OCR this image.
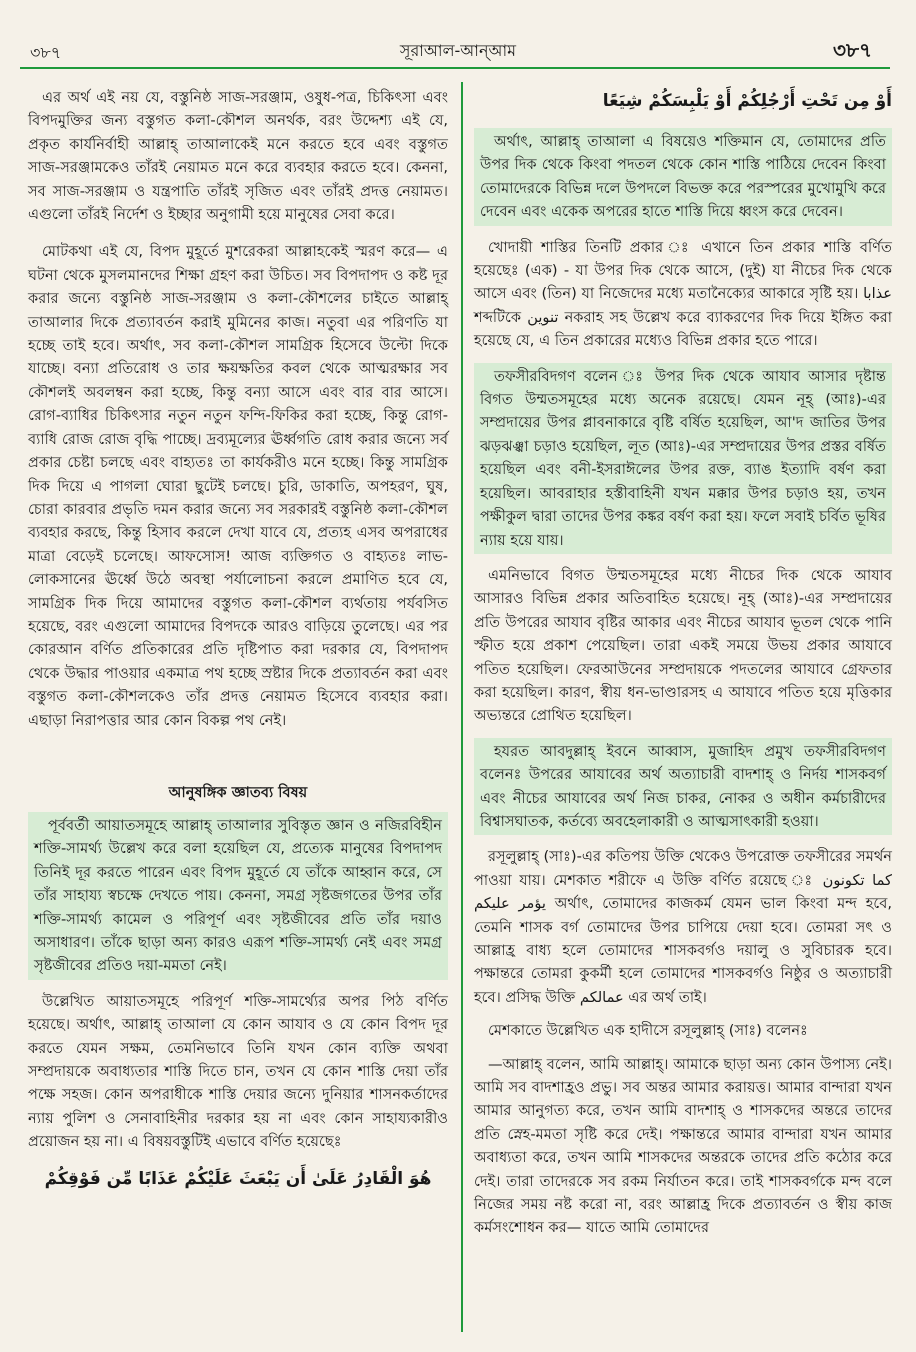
৩৮৭	সূরাআল-আন্আম	৩৮৭

এর অর্থ এই নয় যে, বস্তুনিষ্ঠ সাজ-সরঞ্জাম, ওষুধ-পত্র, চিকিৎসা এবং বিপদমুক্তির জন্য বস্তুগত কলা-কৌশল অনর্থক, বরং উদ্দেশ্য এই যে, প্রকৃত কার্যনির্বাহী আল্লাহ্ তাআলাকেই মনে করতে হবে এবং বস্তুগত সাজ-সরঞ্জামকেও তাঁরই নেয়ামত মনে করে ব্যবহার করতে হবে। কেননা, সব সাজ-সরঞ্জাম ও যন্ত্রপাতি তাঁরই সৃজিত এবং তাঁরই প্রদত্ত নেয়ামত। এগুলো তাঁরই নির্দেশ ও ইচ্ছার অনুগামী হয়ে মানুষের সেবা করে।

মোটকথা এই যে, বিপদ মুহূর্তে মুশরেকরা আল্লাহকেই স্মরণ করে— এ ঘটনা থেকে মুসলমানদের শিক্ষা গ্রহণ করা উচিত। সব বিপদাপদ ও কষ্ট দূর করার জন্যে বস্তুনিষ্ঠ সাজ-সরঞ্জাম ও কলা-কৌশলের চাইতে আল্লাহ্ তাআলার দিকে প্রত্যাবর্তন করাই মুমিনের কাজ। নতুবা এর পরিণতি যা হচ্ছে তাই হবে। অর্থাৎ, সব কলা-কৌশল সামগ্রিক হিসেবে উল্টো দিকে যাচ্ছে। বন্যা প্রতিরোধ ও তার ক্ষয়ক্ষতির কবল থেকে আত্মরক্ষার সব কৌশলই অবলম্বন করা হচ্ছে, কিন্তু বন্যা আসে এবং বার বার আসে। রোগ-ব্যাধির চিকিৎসার নতুন নতুন ফন্দি-ফিকির করা হচ্ছে, কিন্তু রোগ-ব্যাধি রোজ রোজ বৃদ্ধি পাচ্ছে। দ্রব্যমূল্যের ঊর্ধ্বগতি রোধ করার জন্যে সর্ব প্রকার চেষ্টা চলছে এবং বাহ্যতঃ তা কার্যকরীও মনে হচ্ছে। কিন্তু সামগ্রিক দিক দিয়ে এ পাগলা ঘোরা ছুটেই চলছে। চুরি, ডাকাতি, অপহরণ, ঘুষ, চোরা কারবার প্রভৃতি দমন করার জন্যে সব সরকারই বস্তুনিষ্ঠ কলা-কৌশল ব্যবহার করছে, কিন্তু হিসাব করলে দেখা যাবে যে, প্রত্যহ এসব অপরাধের মাত্রা বেড়েই চলেছে। আফসোস! আজ ব্যক্তিগত ও বাহ্যতঃ লাভ-লোকসানের ঊর্ধ্বে উঠে অবস্থা পর্যালোচনা করলে প্রমাণিত হবে যে, সামগ্রিক দিক দিয়ে আমাদের বস্তুগত কলা-কৌশল ব্যর্থতায় পর্যবসিত হয়েছে, বরং এগুলো আমাদের বিপদকে আরও বাড়িয়ে তুলেছে। এর পর কোরআন বর্ণিত প্রতিকারের প্রতি দৃষ্টিপাত করা দরকার যে, বিপদাপদ থেকে উদ্ধার পাওয়ার একমাত্র পথ হচ্ছে স্রষ্টার দিকে প্রত্যাবর্তন করা এবং বস্তুগত কলা-কৌশলকেও তাঁর প্রদত্ত নেয়ামত হিসেবে ব্যবহার করা। এছাড়া নিরাপত্তার আর কোন বিকল্প পথ নেই।

আনুষঙ্গিক জ্ঞাতব্য বিষয়

পূর্ববর্তী আয়াতসমূহে আল্লাহ্ তাআলার সুবিস্তৃত জ্ঞান ও নজিরবিহীন শক্তি-সামর্থ্য উল্লেখ করে বলা হয়েছিল যে, প্রত্যেক মানুষের বিপদাপদ তিনিই দূর করতে পারেন এবং বিপদ মুহূর্তে যে তাঁকে আহ্বান করে, সে তাঁর সাহায্য স্বচক্ষে দেখতে পায়। কেননা, সমগ্র সৃষ্টজগতের উপর তাঁর শক্তি-সামর্থ্য কামেল ও পরিপূর্ণ এবং সৃষ্টজীবের প্রতি তাঁর দয়াও অসাধারণ। তাঁকে ছাড়া অন্য কারও এরূপ শক্তি-সামর্থ্য নেই এবং সমগ্র সৃষ্টজীবের প্রতিও দয়া-মমতা নেই।

উল্লেখিত আয়াতসমূহে পরিপূর্ণ শক্তি-সামর্থ্যের অপর পিঠ বর্ণিত হয়েছে। অর্থাৎ, আল্লাহ্ তাআলা যে কোন আযাব ও যে কোন বিপদ দূর করতে যেমন সক্ষম, তেমনিভাবে তিনি যখন কোন ব্যক্তি অথবা সম্প্রদায়কে অবাধ্যতার শাস্তি দিতে চান, তখন যে কোন শাস্তি দেয়া তাঁর পক্ষে সহজ। কোন অপরাধীকে শাস্তি দেয়ার জন্যে দুনিয়ার শাসনকর্তাদের ন্যায় পুলিশ ও সেনাবাহিনীর দরকার হয় না এবং কোন সাহায্যকারীও প্রয়োজন হয় না। এ বিষয়বস্তুটিই এভাবে বর্ণিত হয়েছেঃ

هُوَ الْقَادِرُ عَلَىٰ أَن يَبْعَثَ عَلَيْكُمْ عَذَابًا مِّن فَوْقِكُمْ
أَوْ مِن تَحْتِ أَرْجُلِكُمْ أَوْ يَلْبِسَكُمْ شِيَعًا

অর্থাৎ, আল্লাহ্ তাআলা এ বিষয়েও শক্তিমান যে, তোমাদের প্রতি উপর দিক থেকে কিংবা পদতল থেকে কোন শাস্তি পাঠিয়ে দেবেন কিংবা তোমাদেরকে বিভিন্ন দলে উপদলে বিভক্ত করে পরস্পরের মুখোমুখি করে দেবেন এবং একেক অপরের হাতে শাস্তি দিয়ে ধ্বংস করে দেবেন।

খোদায়ী শাস্তির তিনটি প্রকার ঃ এখানে তিন প্রকার শাস্তি বর্ণিত হয়েছেঃ (এক) - যা উপর দিক থেকে আসে, (দুই) যা নীচের দিক থেকে আসে এবং (তিন) যা নিজেদের মধ্যে মতানৈক্যের আকারে সৃষ্টি হয়। عذابا শব্দটিকে تنوين নকরাহ সহ উল্লেখ করে ব্যাকরণের দিক দিয়ে ইঙ্গিত করা হয়েছে যে, এ তিন প্রকারের মধ্যেও বিভিন্ন প্রকার হতে পারে।

তফসীরবিদগণ বলেন ঃ উপর দিক থেকে আযাব আসার দৃষ্টান্ত বিগত উম্মতসমূহের মধ্যে অনেক রয়েছে। যেমন নূহ্ (আঃ)-এর সম্প্রদায়ের উপর প্লাবনাকারে বৃষ্টি বর্ষিত হয়েছিল, আ'দ জাতির উপর ঝড়ঝঞ্ঝা চড়াও হয়েছিল, লূত (আঃ)-এর সম্প্রদায়ের উপর প্রস্তর বর্ষিত হয়েছিল এবং বনী-ইসরাঈলের উপর রক্ত, ব্যাঙ ইত্যাদি বর্ষণ করা হয়েছিল। আবরাহার হস্তীবাহিনী যখন মক্কার উপর চড়াও হয়, তখন পক্ষীকুল দ্বারা তাদের উপর কঙ্কর বর্ষণ করা হয়। ফলে সবাই চর্বিত ভূষির ন্যায় হয়ে যায়।

এমনিভাবে বিগত উম্মতসমূহের মধ্যে নীচের দিক থেকে আযাব আসারও বিভিন্ন প্রকার অতিবাহিত হয়েছে। নূহ্ (আঃ)-এর সম্প্রদায়ের প্রতি উপরের আযাব বৃষ্টির আকার এবং নীচের আযাব ভূতল থেকে পানি স্ফীত হয়ে প্রকাশ পেয়েছিল। তারা একই সময়ে উভয় প্রকার আযাবে পতিত হয়েছিল। ফেরআউনের সম্প্রদায়কে পদতলের আযাবে গ্রেফতার করা হয়েছিল। কারণ, স্বীয় ধন-ভাণ্ডারসহ এ আযাবে পতিত হয়ে মৃত্তিকার অভ্যন্তরে প্রোথিত হয়েছিল।

হযরত আবদুল্লাহ্ ইবনে আব্বাস, মুজাহিদ প্রমুখ তফসীরবিদগণ বলেনঃ উপরের আযাবের অর্থ অত্যাচারী বাদশাহ্ ও নির্দয় শাসকবর্গ এবং নীচের আযাবের অর্থ নিজ চাকর, নোকর ও অধীন কর্মচারীদের বিশ্বাসঘাতক, কর্তব্যে অবহেলাকারী ও আত্মসাৎকারী হওয়া।

রসূলুল্লাহ্ (সাঃ)-এর কতিপয় উক্তি থেকেও উপরোক্ত তফসীরের সমর্থন পাওয়া যায়। মেশকাত শরীফে এ উক্তি বর্ণিত রয়েছে ঃ كما تكونون يؤمر عليكم অর্থাৎ, তোমাদের কাজকর্ম যেমন ভাল কিংবা মন্দ হবে, তেমনি শাসক বর্গ তোমাদের উপর চাপিয়ে দেয়া হবে। তোমরা সৎ ও আল্লাহ্র বাধ্য হলে তোমাদের শাসকবর্গও দয়ালু ও সুবিচারক হবে। পক্ষান্তরে তোমরা কুকর্মী হলে তোমাদের শাসকবর্গও নিষ্ঠুর ও অত্যাচারী হবে। প্রসিদ্ধ উক্তি عمالكم এর অর্থ তাই।

মেশকাতে উল্লেখিত এক হাদীসে রসূলুল্লাহ্ (সাঃ) বলেনঃ

—আল্লাহ্ বলেন, আমি আল্লাহ্। আমাকে ছাড়া অন্য কোন উপাস্য নেই। আমি সব বাদশাহ্রও প্রভু। সব অন্তর আমার করায়ত্ত। আমার বান্দারা যখন আমার আনুগত্য করে, তখন আমি বাদশাহ্ ও শাসকদের অন্তরে তাদের প্রতি স্নেহ-মমতা সৃষ্টি করে দেই। পক্ষান্তরে আমার বান্দারা যখন আমার অবাধ্যতা করে, তখন আমি শাসকদের অন্তরকে তাদের প্রতি কঠোর করে দেই। তারা তাদেরকে সব রকম নির্যাতন করে। তাই শাসকবর্গকে মন্দ বলে নিজের সময় নষ্ট করো না, বরং আল্লাহ্র দিকে প্রত্যাবর্তন ও স্বীয় কাজ কর্মসংশোধন কর— যাতে আমি তোমাদের
